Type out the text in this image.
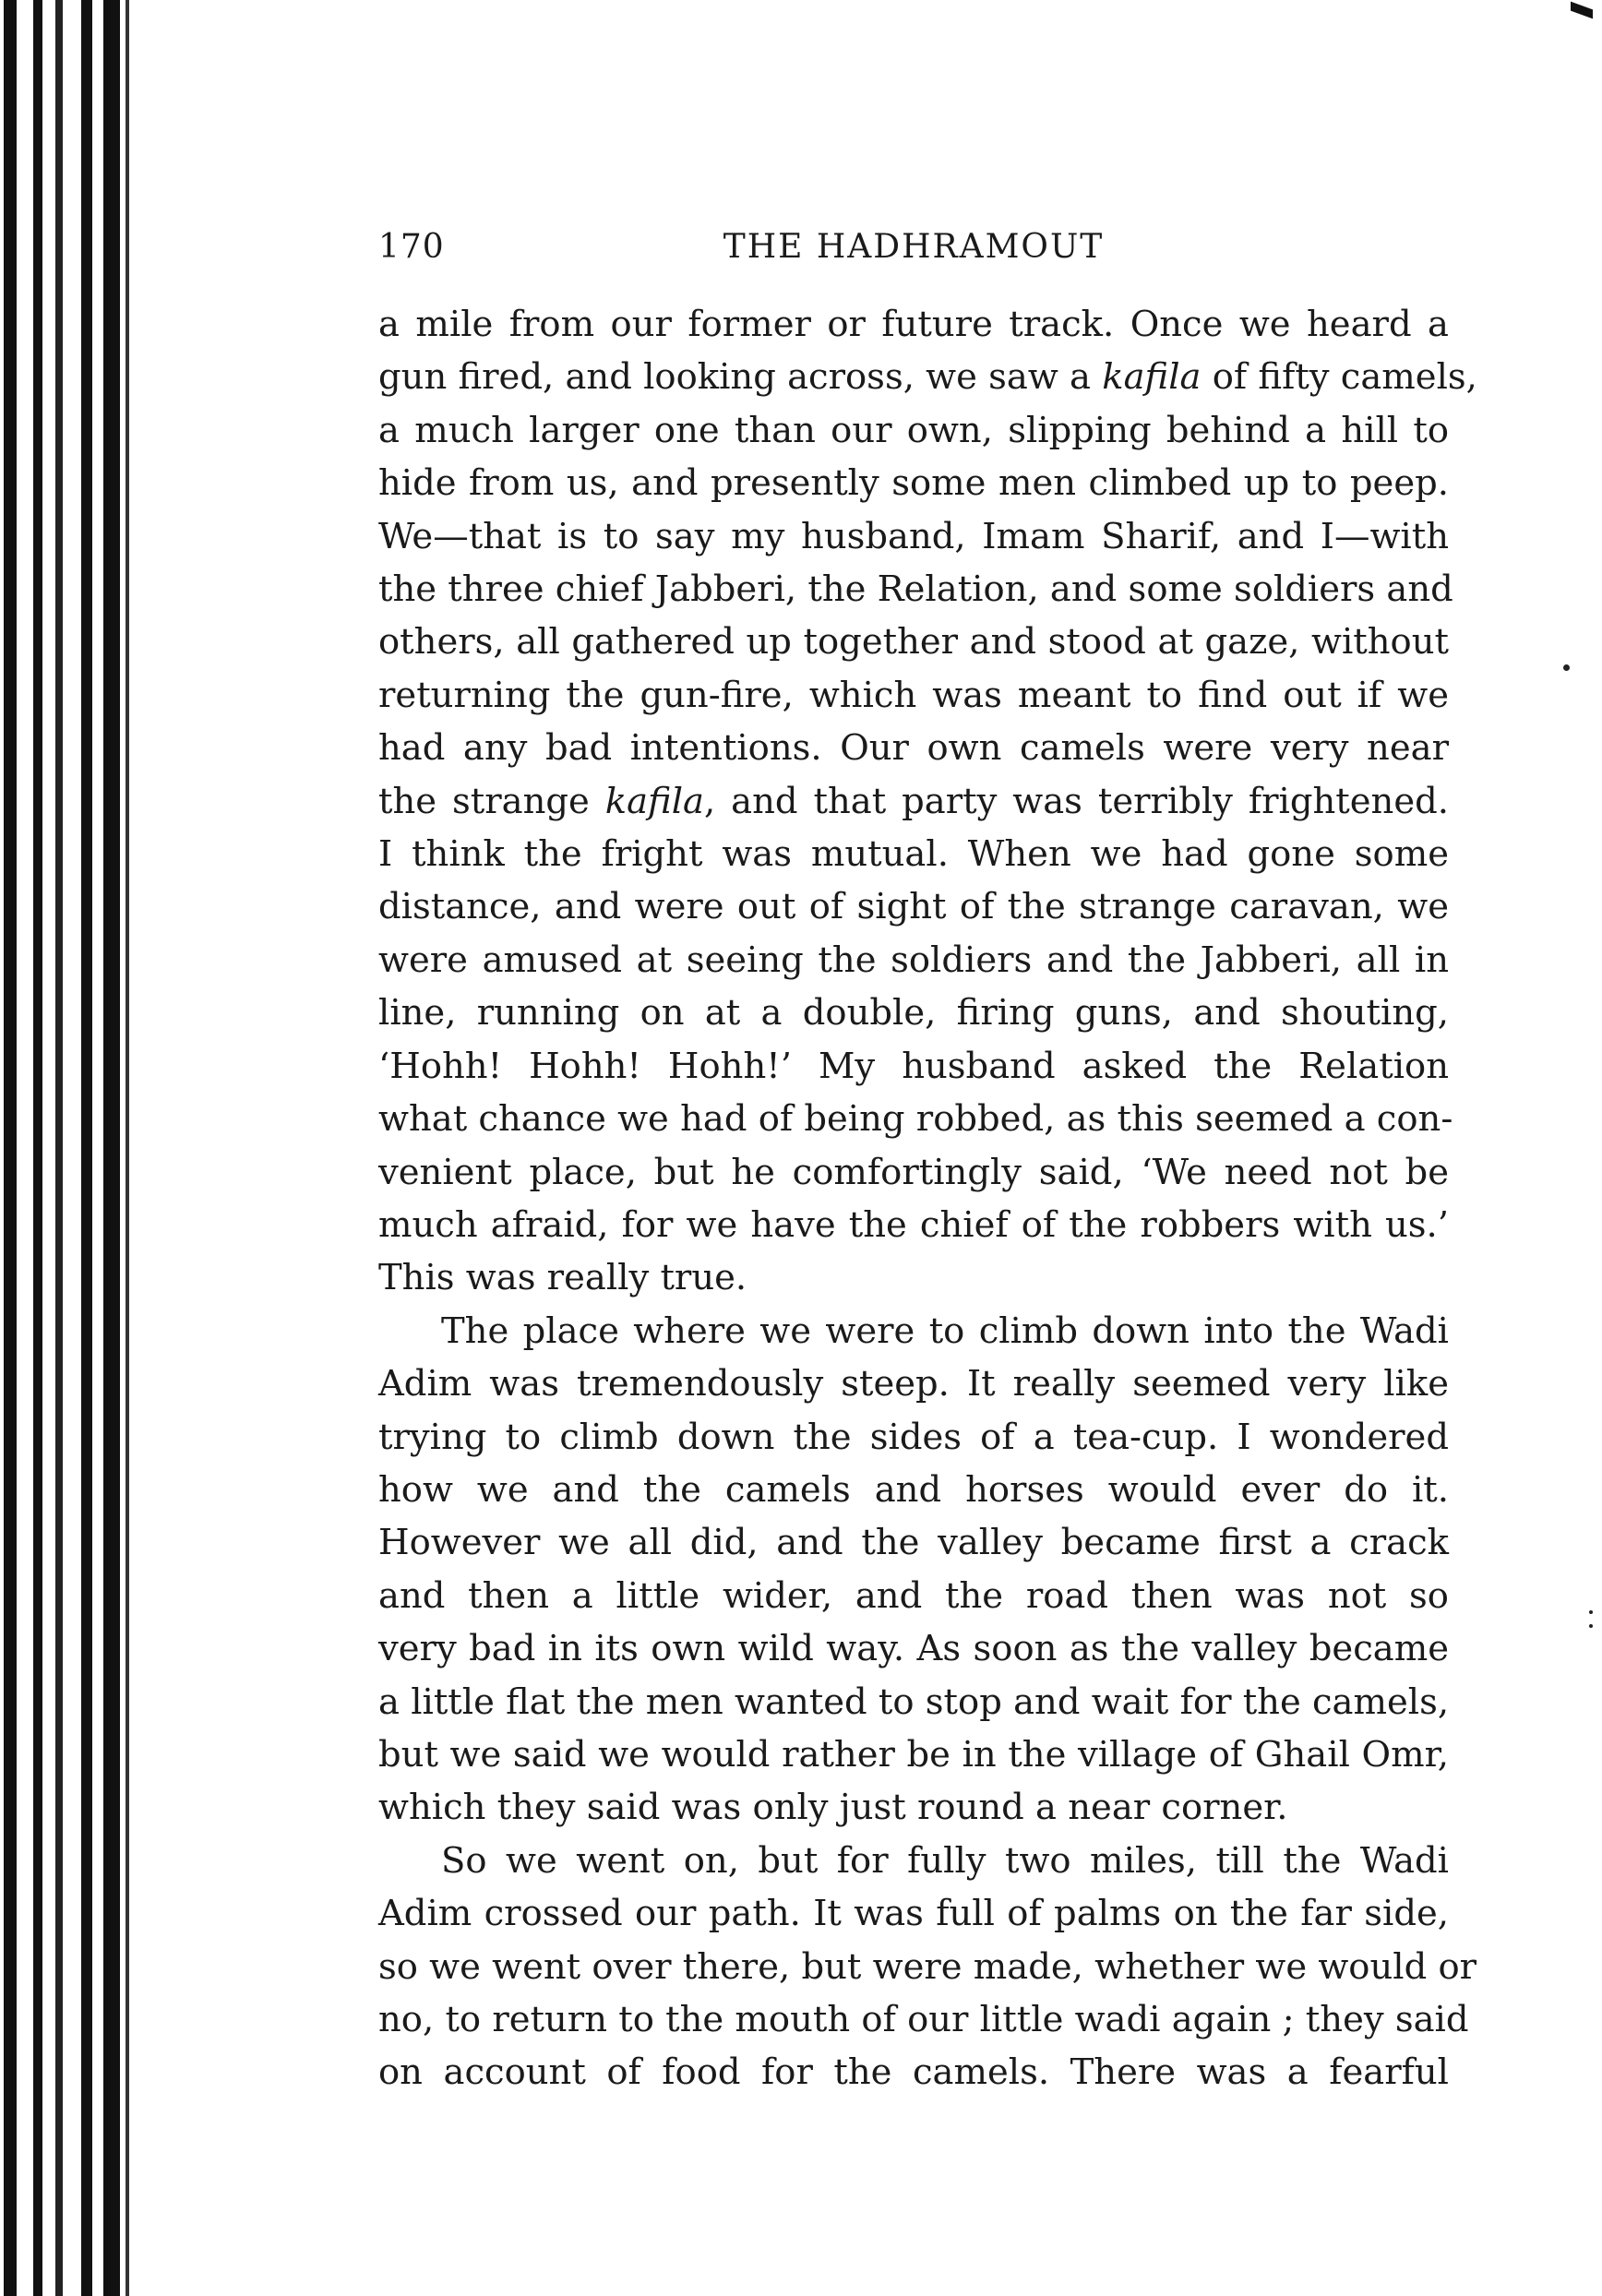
170	THE HADHRAMOUT

a mile from our former or future track. Once we heard a
gun fired, and looking across, we saw a kafila of fifty camels,
a much larger one than our own, slipping behind a hill to
hide from us, and presently some men climbed up to peep.
We—that is to say my husband, Imam Sharif, and I—with
the three chief Jabberi, the Relation, and some soldiers and
others, all gathered up together and stood at gaze, without
returning the gun-fire, which was meant to find out if we
had any bad intentions. Our own camels were very near
the strange kafila, and that party was terribly frightened.
I think the fright was mutual. When we had gone some
distance, and were out of sight of the strange caravan, we
were amused at seeing the soldiers and the Jabberi, all in
line, running on at a double, firing guns, and shouting,
‘Hohh! Hohh! Hohh!’ My husband asked the Relation
what chance we had of being robbed, as this seemed a con-
venient place, but he comfortingly said, ‘We need not be
much afraid, for we have the chief of the robbers with us.’
This was really true.

The place where we were to climb down into the Wadi
Adim was tremendously steep. It really seemed very like
trying to climb down the sides of a tea-cup. I wondered
how we and the camels and horses would ever do it.
However we all did, and the valley became first a crack
and then a little wider, and the road then was not so
very bad in its own wild way. As soon as the valley became
a little flat the men wanted to stop and wait for the camels,
but we said we would rather be in the village of Ghail Omr,
which they said was only just round a near corner.

So we went on, but for fully two miles, till the Wadi
Adim crossed our path. It was full of palms on the far side,
so we went over there, but were made, whether we would or
no, to return to the mouth of our little wadi again ; they said
on account of food for the camels. There was a fearful
